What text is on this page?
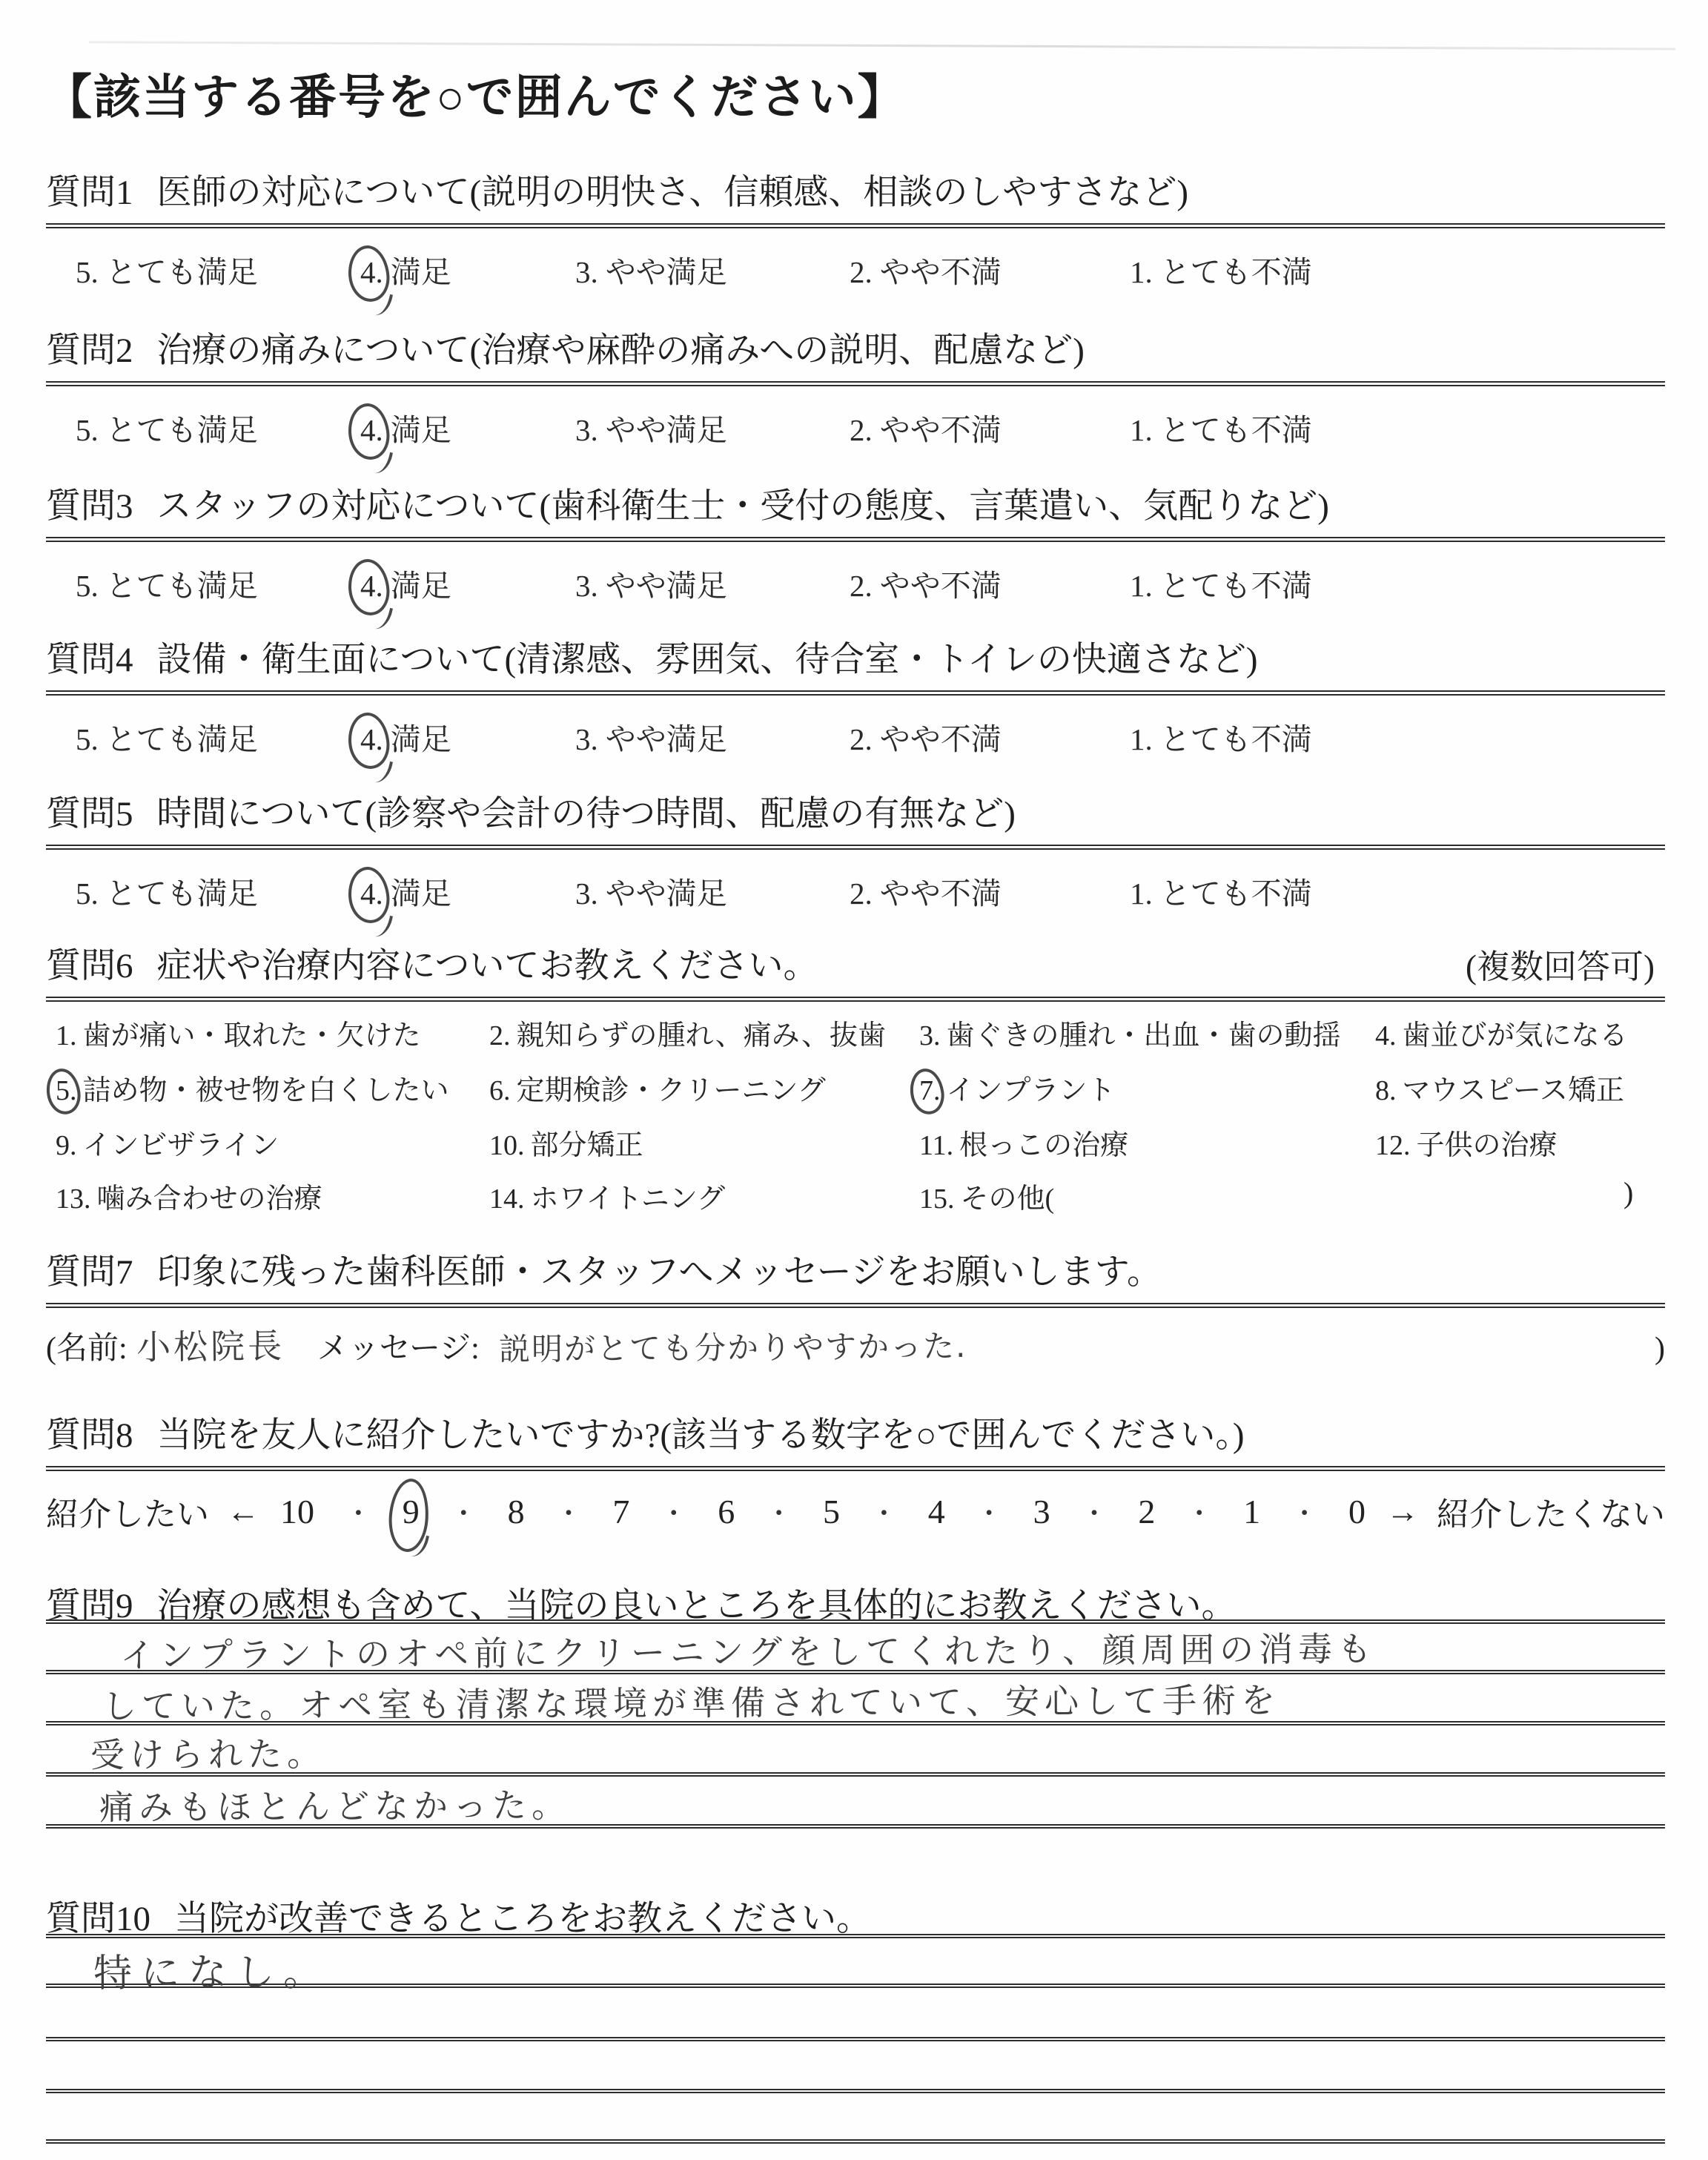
【該当する番号を○で囲んでください】
質問1 医師の対応について(説明の明快さ、信頼感、相談のしやすさなど)
5. とても満足	4. 満足	3. やや満足	2. やや不満	1. とても不満
質問2 治療の痛みについて(治療や麻酔の痛みへの説明、配慮など)
5. とても満足	4. 満足	3. やや満足	2. やや不満	1. とても不満
質問3 スタッフの対応について(歯科衛生士・受付の態度、言葉遣い、気配りなど)
5. とても満足	4. 満足	3. やや満足	2. やや不満	1. とても不満
質問4 設備・衛生面について(清潔感、雰囲気、待合室・トイレの快適さなど)
5. とても満足	4. 満足	3. やや満足	2. やや不満	1. とても不満
質問5 時間について(診察や会計の待つ時間、配慮の有無など)
5. とても満足	4. 満足	3. やや満足	2. やや不満	1. とても不満
質問6 症状や治療内容についてお教えください。	(複数回答可)
1. 歯が痛い・取れた・欠けた 2. 親知らずの腫れ、痛み、抜歯 3. 歯ぐきの腫れ・出血・歯の動揺 4. 歯並びが気になる
5. 詰め物・被せ物を白くしたい 6. 定期検診・クリーニング	7. インプラント	8. マウスピース矯正
9. インビザライン	10. 部分矯正	11. 根っこの治療	12. 子供の治療
13. 噛み合わせの治療	14. ホワイトニング	15. その他(	)
質問7 印象に残った歯科医師・スタッフへメッセージをお願いします。
(名前: 小松院長 メッセージ: 説明がとても分かりやすかった.	)
質問8 当院を友人に紹介したいですか?(該当する数字を○で囲んでください。)
紹介したい ← 10 ・ 9 ・ 8 ・ 7 ・ 6 ・ 5 ・ 4 ・ 3 ・ 2 ・ 1 ・ 0 → 紹介したくない
質問9 治療の感想も含めて、当院の良いところを具体的にお教えください。
インプラントのオペ前にクリーニングをしてくれたり、顔周囲の消毒も
していた。オペ室も清潔な環境が準備されていて、安心して手術を
受けられた。
痛みもほとんどなかった。
質問10 当院が改善できるところをお教えください。
特になし。
